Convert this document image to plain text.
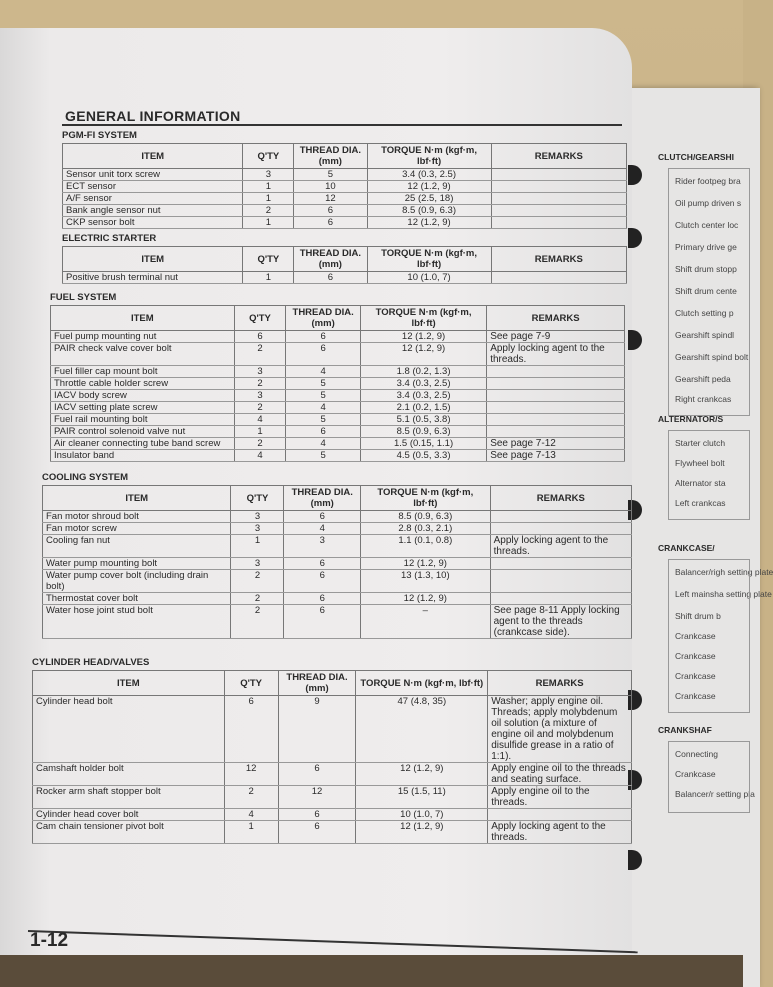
CLUTCH/GEARSHI
Rider footpeg bra
Oil pump driven s
Clutch center loc
Primary drive ge
Shift drum stopp
Shift drum cente
Clutch setting p
Gearshift spindl
Gearshift spind bolt
Gearshift peda
Right crankcas
ALTERNATOR/S
Starter clutch
Flywheel bolt
Alternator sta
Left crankcas
CRANKCASE/
Balancer/righ setting plate
Left mainsha setting plate
Shift drum b
Crankcase
Crankcase
Crankcase
Crankcase
CRANKSHAF
Connecting
Crankcase
Balancer/r setting pla
GENERAL INFORMATION
PGM-FI SYSTEM
ITEM	Q'TY	THREAD DIA. (mm)	TORQUE N·m (kgf·m, lbf·ft)	REMARKS
Sensor unit torx screw	3	5	3.4 (0.3, 2.5)	
ECT sensor	1	10	12 (1.2, 9)	
A/F sensor	1	12	25 (2.5, 18)	
Bank angle sensor nut	2	6	8.5 (0.9, 6.3)	
CKP sensor bolt	1	6	12 (1.2, 9)	
ELECTRIC STARTER
ITEM	Q'TY	THREAD DIA. (mm)	TORQUE N·m (kgf·m, lbf·ft)	REMARKS
Positive brush terminal nut	1	6	10 (1.0, 7)	
FUEL SYSTEM
ITEM	Q'TY	THREAD DIA. (mm)	TORQUE N·m (kgf·m, lbf·ft)	REMARKS
Fuel pump mounting nut	6	6	12 (1.2, 9)	See page 7-9
PAIR check valve cover bolt	2	6	12 (1.2, 9)	Apply locking agent to the threads.
Fuel filler cap mount bolt	3	4	1.8 (0.2, 1.3)	
Throttle cable holder screw	2	5	3.4 (0.3, 2.5)	
IACV body screw	3	5	3.4 (0.3, 2.5)	
IACV setting plate screw	2	4	2.1 (0.2, 1.5)	
Fuel rail mounting bolt	4	5	5.1 (0.5, 3.8)	
PAIR control solenoid valve nut	1	6	8.5 (0.9, 6.3)	
Air cleaner connecting tube band screw	2	4	1.5 (0.15, 1.1)	See page 7-12
Insulator band	4	5	4.5 (0.5, 3.3)	See page 7-13
COOLING SYSTEM
ITEM	Q'TY	THREAD DIA. (mm)	TORQUE N·m (kgf·m, lbf·ft)	REMARKS
Fan motor shroud bolt	3	6	8.5 (0.9, 6.3)	
Fan motor screw	3	4	2.8 (0.3, 2.1)	
Cooling fan nut	1	3	1.1 (0.1, 0.8)	Apply locking agent to the threads.
Water pump mounting bolt	3	6	12 (1.2, 9)	
Water pump cover bolt (including drain bolt)	2	6	13 (1.3, 10)	
Thermostat cover bolt	2	6	12 (1.2, 9)	
Water hose joint stud bolt	2	6	–	See page 8-11 Apply locking agent to the threads (crankcase side).
CYLINDER HEAD/VALVES
ITEM	Q'TY	THREAD DIA. (mm)	TORQUE N·m (kgf·m, lbf·ft)	REMARKS
Cylinder head bolt	6	9	47 (4.8, 35)	Washer; apply engine oil. Threads; apply molybdenum oil solution (a mixture of engine oil and molybdenum disulfide grease in a ratio of 1:1).
Camshaft holder bolt	12	6	12 (1.2, 9)	Apply engine oil to the threads and seating surface.
Rocker arm shaft stopper bolt	2	12	15 (1.5, 11)	Apply engine oil to the threads.
Cylinder head cover bolt	4	6	10 (1.0, 7)	
Cam chain tensioner pivot bolt	1	6	12 (1.2, 9)	Apply locking agent to the threads.
1-12
